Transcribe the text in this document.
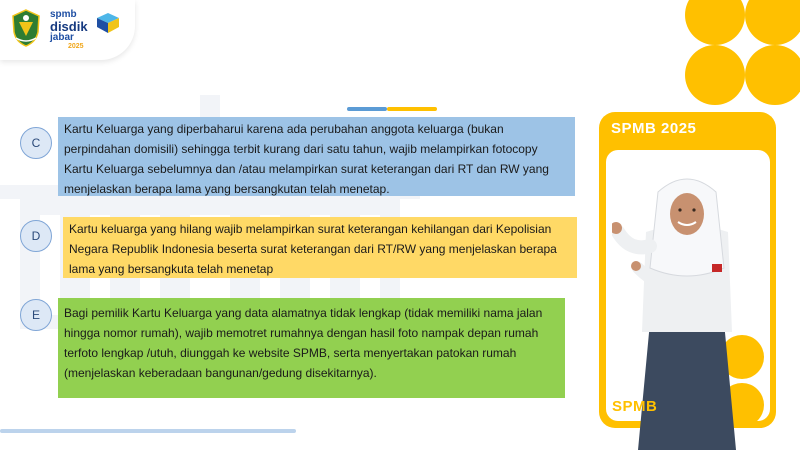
spmb
disdik
jabar
2025
C
Kartu Keluarga yang diperbaharui karena ada perubahan anggota keluarga (bukan perpindahan domisili) sehingga terbit kurang dari satu tahun, wajib melampirkan fotocopy Kartu Keluarga sebelumnya dan /atau melampirkan surat keterangan dari RT dan RW yang menjelaskan berapa lama yang bersangkutan telah menetap.
D	Kartu keluarga yang hilang wajib melampirkan surat keterangan kehilangan dari Kepolisian Negara Republik Indonesia beserta surat keterangan dari RT/RW yang menjelaskan berapa lama yang bersangkuta telah menetap
E	Bagi pemilik Kartu Keluarga yang data alamatnya tidak lengkap (tidak memiliki nama jalan hingga nomor rumah), wajib memotret rumahnya dengan hasil foto nampak depan rumah terfoto lengkap /utuh, diunggah ke website SPMB, serta menyertakan patokan rumah (menjelaskan keberadaan bangunan/gedung disekitarnya).
SPMB 2025
SPMB
